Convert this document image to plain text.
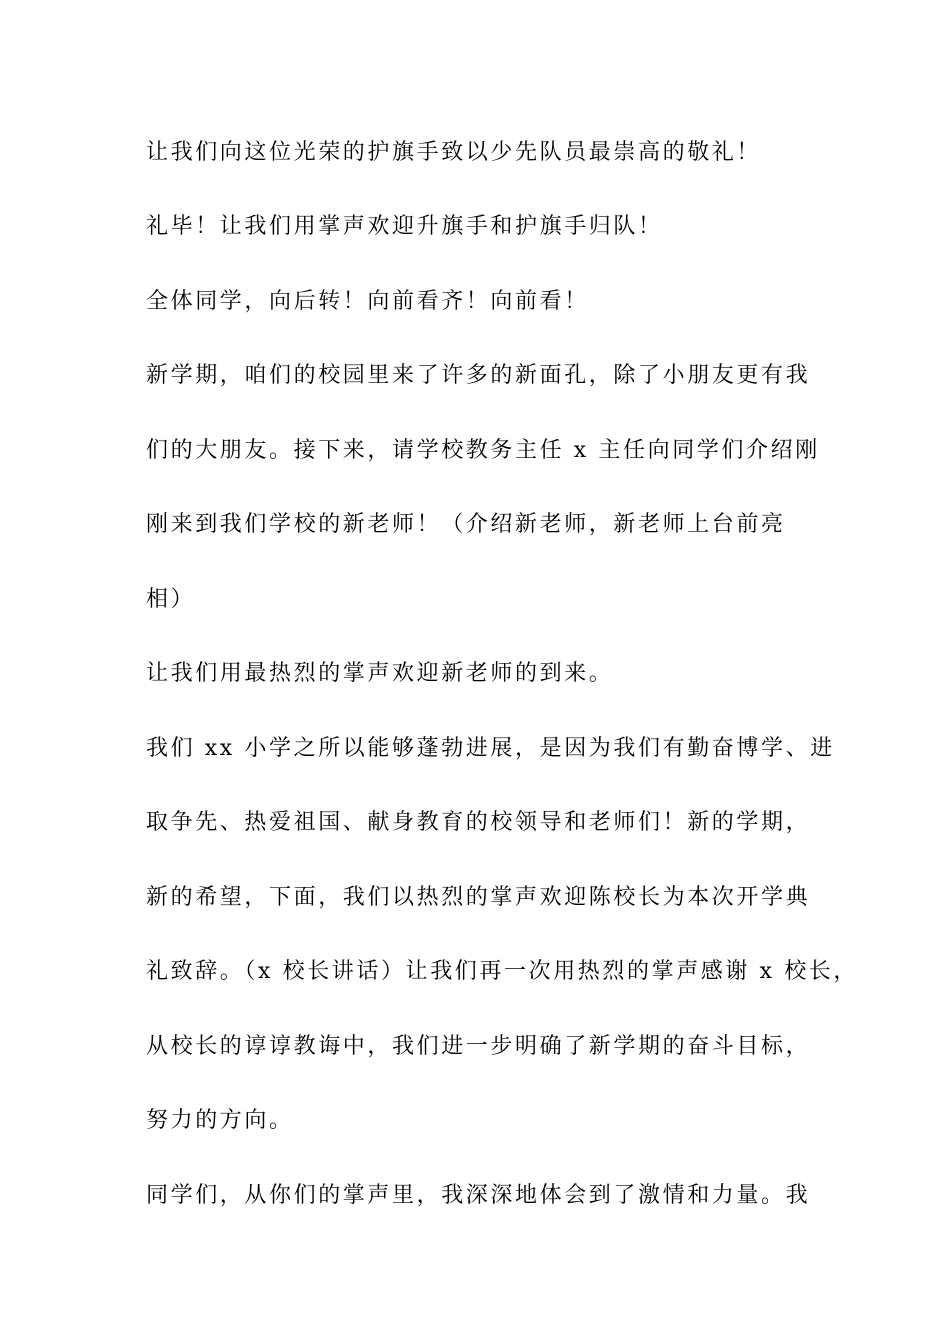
让我们向这位光荣的护旗手致以少先队员最崇高的敬礼！
礼毕！让我们用掌声欢迎升旗手和护旗手归队！
全体同学，向后转！向前看齐！向前看！
新学期，咱们的校园里来了许多的新面孔，除了小朋友更有我
们的大朋友。接下来，请学校教务主任 x 主任向同学们介绍刚
刚来到我们学校的新老师！（介绍新老师，新老师上台前亮
相）
让我们用最热烈的掌声欢迎新老师的到来。
我们 xx 小学之所以能够蓬勃进展，是因为我们有勤奋博学、进
取争先、热爱祖国、献身教育的校领导和老师们！新的学期，
新的希望，下面，我们以热烈的掌声欢迎陈校长为本次开学典
礼致辞。（x 校长讲话）让我们再一次用热烈的掌声感谢 x 校长，
从校长的谆谆教诲中，我们进一步明确了新学期的奋斗目标，
努力的方向。
同学们，从你们的掌声里，我深深地体会到了激情和力量。我
